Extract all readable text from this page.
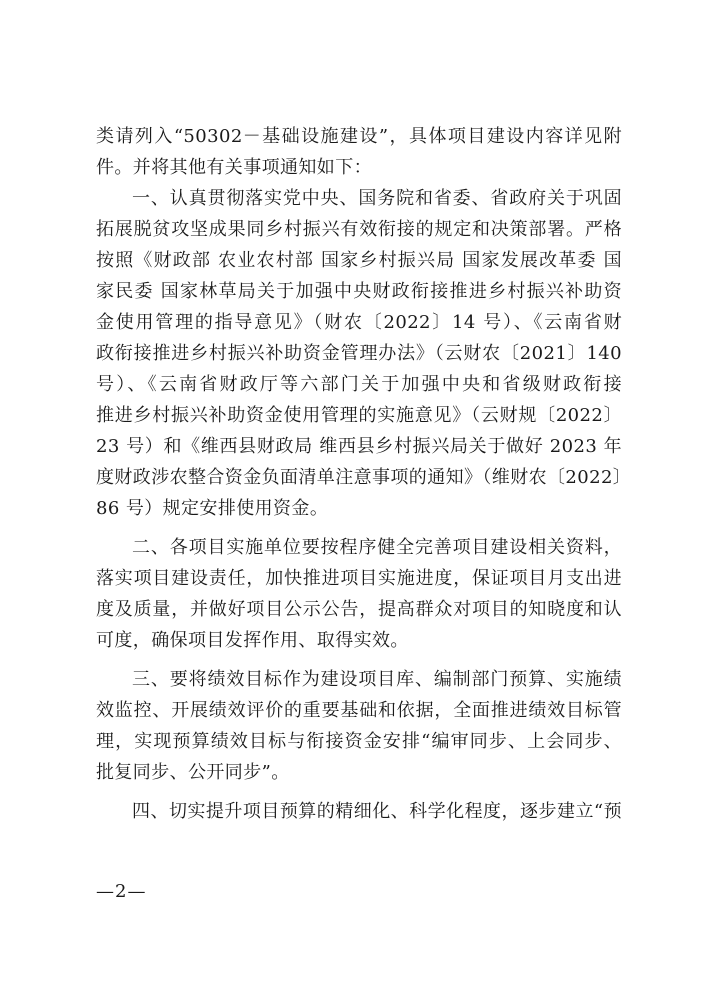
类请列入“50302－基础设施建设”，具体项目建设内容详见附
件。并将其他有关事项通知如下：
一、认真贯彻落实党中央、国务院和省委、省政府关于巩固
拓展脱贫攻坚成果同乡村振兴有效衔接的规定和决策部署。严格
按照《财政部 农业农村部 国家乡村振兴局 国家发展改革委 国
家民委 国家林草局关于加强中央财政衔接推进乡村振兴补助资
金使用管理的指导意见》（财农〔2022〕14 号）、《云南省财
政衔接推进乡村振兴补助资金管理办法》（云财农〔2021〕140
号）、《云南省财政厅等六部门关于加强中央和省级财政衔接
推进乡村振兴补助资金使用管理的实施意见》（云财规〔2022〕
23 号）和《维西县财政局 维西县乡村振兴局关于做好 2023 年
度财政涉农整合资金负面清单注意事项的通知》（维财农〔2022〕
86 号）规定安排使用资金。
二、各项目实施单位要按程序健全完善项目建设相关资料，
落实项目建设责任，加快推进项目实施进度，保证项目月支出进
度及质量，并做好项目公示公告，提高群众对项目的知晓度和认
可度，确保项目发挥作用、取得实效。
三、要将绩效目标作为建设项目库、编制部门预算、实施绩
效监控、开展绩效评价的重要基础和依据，全面推进绩效目标管
理，实现预算绩效目标与衔接资金安排“编审同步、上会同步、
批复同步、公开同步”。
四、切实提升项目预算的精细化、科学化程度，逐步建立“预
—2—
